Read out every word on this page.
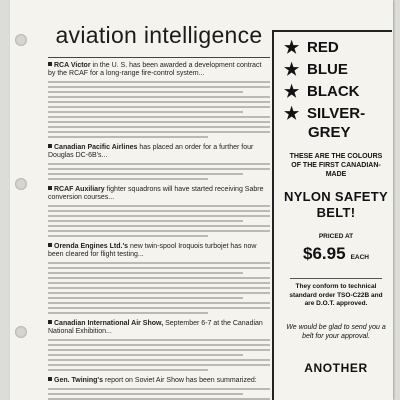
aviation intelligence
RCA Victor in the U. S. has been awarded a development contract by the RCAF for a long-range fire-control system...
Canadian Pacific Airlines has placed an order for a further four Douglas DC-6B's...
RCAF Auxiliary fighter squadrons will have started receiving Sabre conversion courses...
Orenda Engines Ltd.'s new twin-spool Iroquois turbojet has now been cleared for flight testing...
Canadian International Air Show, September 6-7 at the Canadian National Exhibition...
Gen. Twining's report on Soviet Air Show has been summarized:
★ RED
★ BLUE
★ BLACK
★ SILVER-
GREY
THESE ARE THE COLOURS OF THE FIRST CANADIAN-MADE
NYLON SAFETY BELT!
PRICED AT
$6.95 EACH
They conform to technical standard order TSO-C22B and are D.O.T. approved.
We would be glad to send you a belt for your approval.
ANOTHER
